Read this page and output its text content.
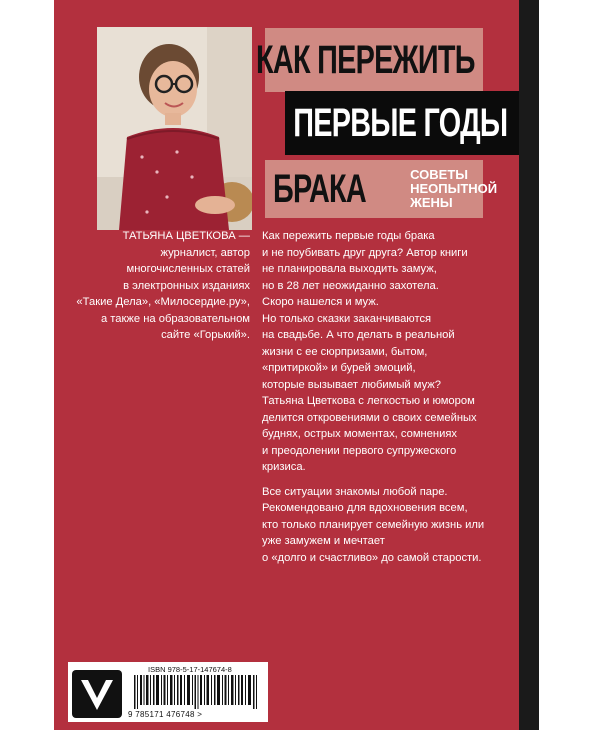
КАК ПЕРЕЖИТЬ
ПЕРВЫЕ ГОДЫ
БРАКА	СОВЕТЫ НЕОПЫТНОЙ ЖЕНЫ
ТАТЬЯНА ЦВЕТКОВА —
журналист, автор
многочисленных статей
в электронных изданиях
«Такие Дела», «Милосердие.ру»,
а также на образовательном
сайте «Горький».

Как пережить первые годы брака
и не поубивать друг друга? Автор книги
не планировала выходить замуж,
но в 28 лет неожиданно захотела.
Скоро нашелся и муж.
Но только сказки заканчиваются
на свадьбе. А что делать в реальной
жизни с ее сюрпризами, бытом,
«притиркой» и бурей эмоций,
которые вызывает любимый муж?
Татьяна Цветкова с легкостью и юмором
делится откровениями о своих семейных
буднях, острых моментах, сомнениях
и преодолении первого супружеского
кризиса.

Все ситуации знакомы любой паре.
Рекомендовано для вдохновения всем,
кто только планирует семейную жизнь или
уже замужем и мечтает
о «долго и счастливо» до самой старости.

ISBN 978-5-17-147674-8
9 785171 476748 >
